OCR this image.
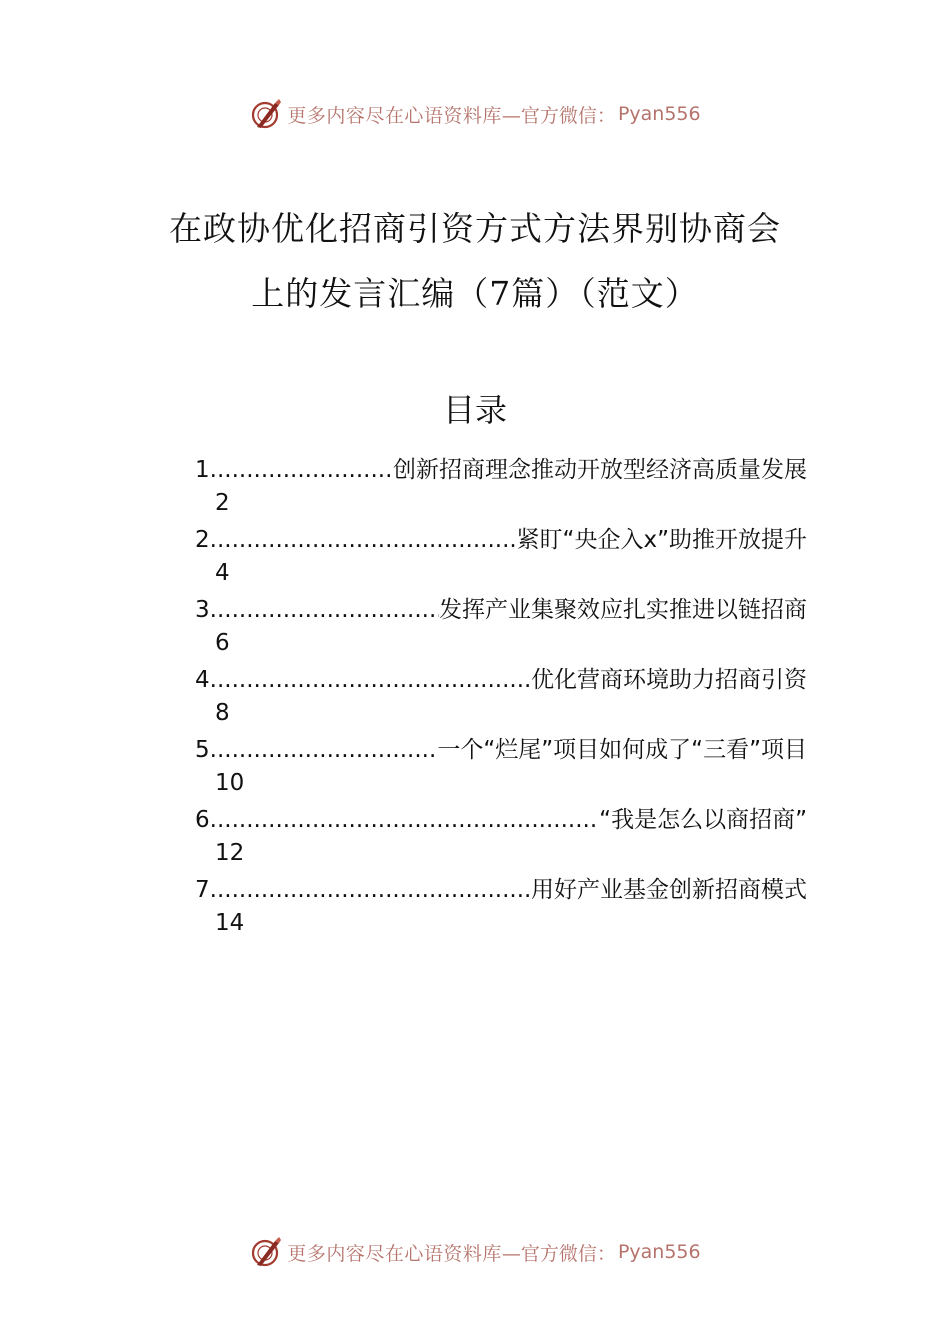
更多内容尽在心语资料库 —官方微信： Pyan556
在政协优化招商引资方式方法界别协商会
上的发言汇编（7篇）（范文）
目录
1 .....	创新招商理念推动开放型经济高质量发展
2
2 .....	紧盯“央企入x”助推开放提升
4
3 .....	发挥产业集聚效应扎实推进以链招商
6
4 .....	优化营商环境助力招商引资
8
5 .....	一个“烂尾”项目如何成了“三看”项目
10
6 .....	“我是怎么以商招商”
12
7 .....	用好产业基金创新招商模式
14
更多内容尽在心语资料库 —官方微信： Pyan556
